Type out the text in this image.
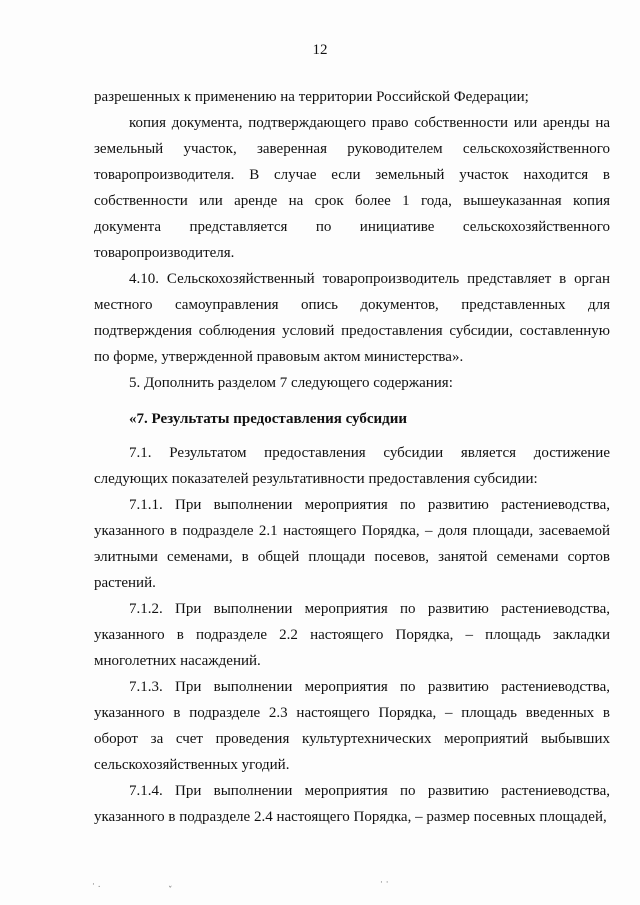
12

разрешенных к применению на территории Российской Федерации;

копия документа, подтверждающего право собственности или аренды на земельный участок, заверенная руководителем сельскохозяйственного товаропроизводителя. В случае если земельный участок находится в собственности или аренде на срок более 1 года, вышеуказанная копия документа представляется по инициативе сельскохозяйственного товаропроизводителя.

4.10. Сельскохозяйственный товаропроизводитель представляет в орган местного самоуправления опись документов, представленных для подтверждения соблюдения условий предоставления субсидии, составленную по форме, утвержденной правовым актом министерства».

5. Дополнить разделом 7 следующего содержания:

«7. Результаты предоставления субсидии

7.1. Результатом предоставления субсидии является достижение следующих показателей результативности предоставления субсидии:

7.1.1. При выполнении мероприятия по развитию растениеводства, указанного в подразделе 2.1 настоящего Порядка, – доля площади, засеваемой элитными семенами, в общей площади посевов, занятой семенами сортов растений.

7.1.2. При выполнении мероприятия по развитию растениеводства, указанного в подразделе 2.2 настоящего Порядка, – площадь закладки многолетних насаждений.

7.1.3. При выполнении мероприятия по развитию растениеводства, указанного в подразделе 2.3 настоящего Порядка, – площадь введенных в оборот за счет проведения культуртехнических мероприятий выбывших сельскохозяйственных угодий.

7.1.4. При выполнении мероприятия по развитию растениеводства, указанного в подразделе 2.4 настоящего Порядка, – размер посевных площадей,

· .
ˇ
· ·
